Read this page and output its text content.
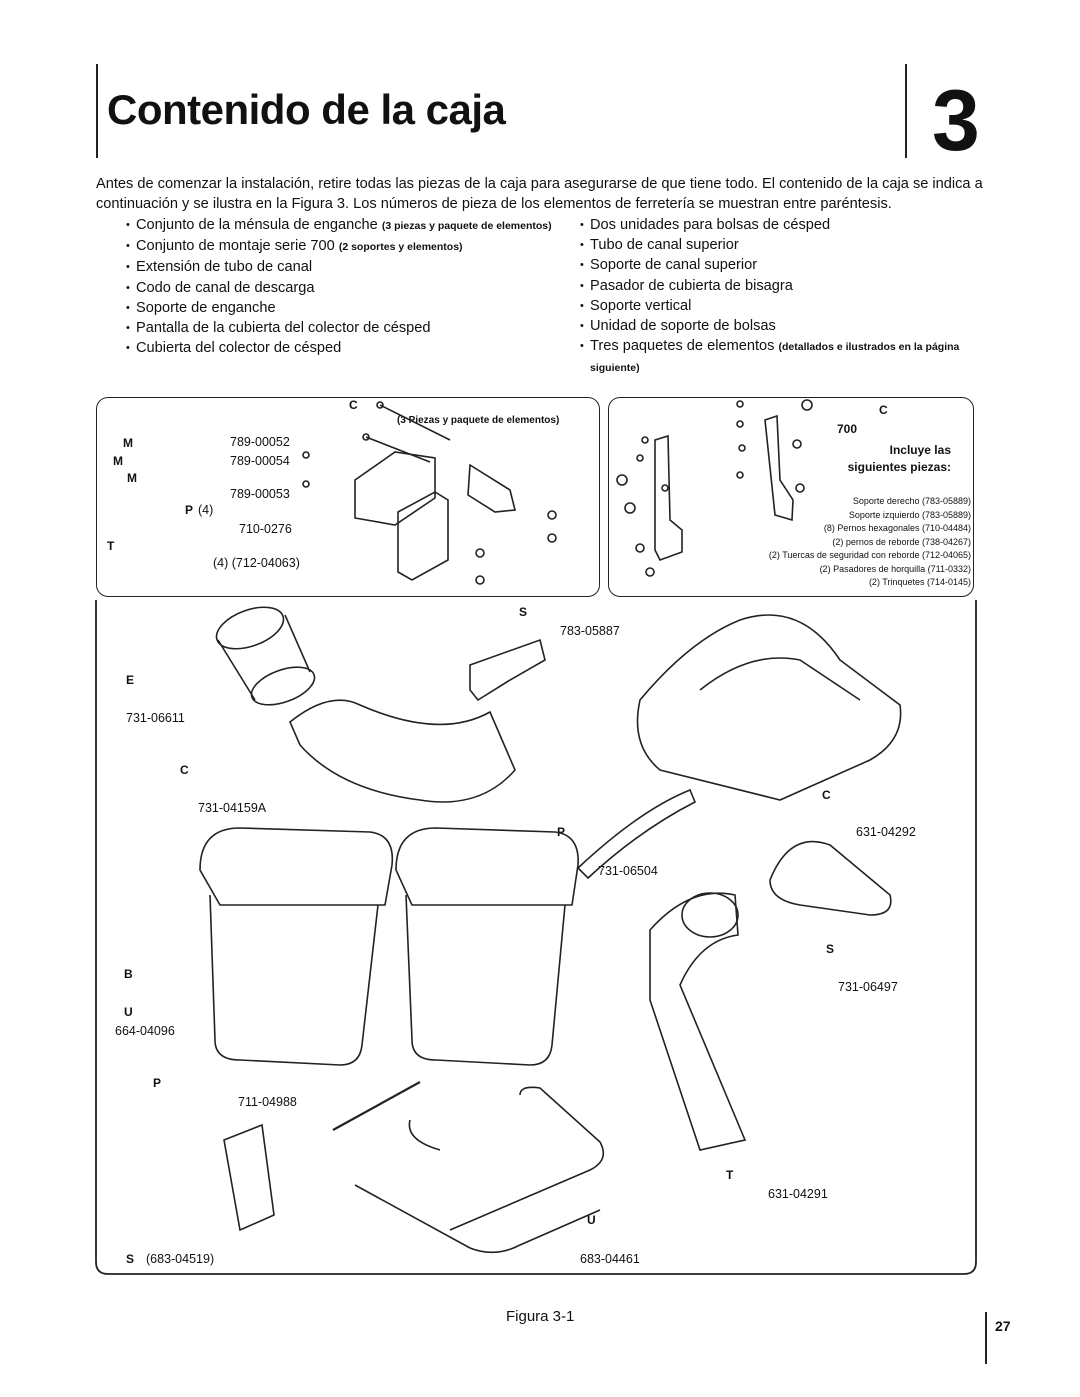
Contenido de la caja	3
Antes de comenzar la instalación, retire todas las piezas de la caja para asegurarse de que tiene todo. El contenido de la caja se indica a continuación y se ilustra en la Figura 3. Los números de pieza de los elementos de ferretería se muestran entre paréntesis.
• Conjunto de la ménsula de enganche (3 piezas y paquete de elementos)
• Conjunto de montaje serie 700 (2 soportes y elementos)
• Extensión de tubo de canal
• Codo de canal de descarga
• Soporte de enganche
• Pantalla de la cubierta del colector de césped
• Cubierta del colector de césped
• Dos unidades para bolsas de césped
• Tubo de canal superior
• Soporte de canal superior
• Pasador de cubierta de bisagra
• Soporte vertical
• Unidad de soporte de bolsas
• Tres paquetes de elementos (detallados e ilustrados en la página siguiente)
C
(3 Piezas y paquete de elementos)
M	789-00052
M	789-00054
M
789-00053
P (4)
710-0276
T
(4) (712-04063)
C
700
Incluye las siguientes piezas:
Soporte derecho (783-05889)
Soporte izquierdo (783-05889)
(8) Pernos hexagonales (710-04484)
(2) pernos de reborde (738-04267)
(2) Tuercas de seguridad con reborde (712-04065)
(2) Pasadores de horquilla (711-0332)
(2) Trinquetes (714-0145)
S
783-05887
E
731-06611
C
731-04159A
C
631-04292
P
731-06504
S
731-06497
B
U
664-04096
P
711-04988
T
631-04291
U
683-04461
S (683-04519)
Figura 3-1
27
